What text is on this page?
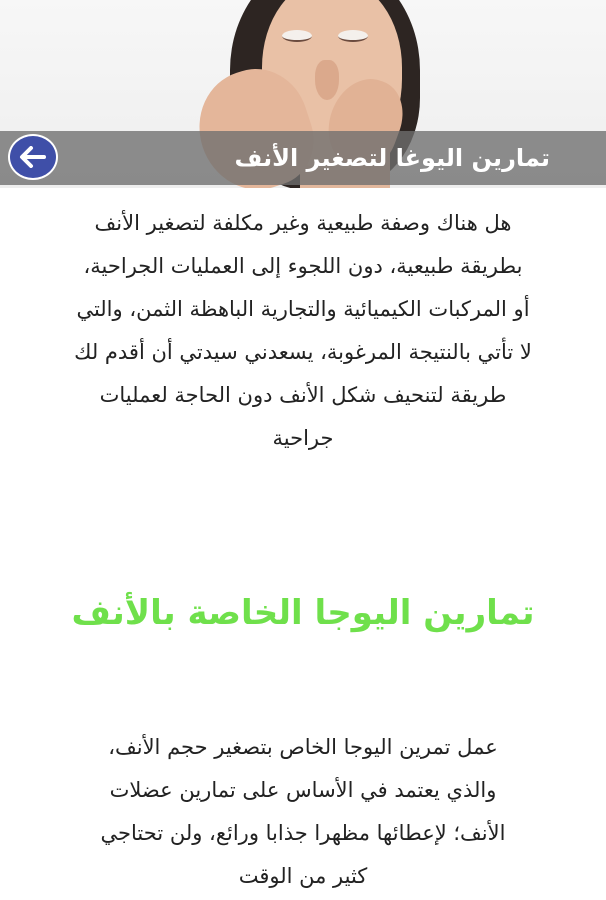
تمارين اليوغا لتصغير الأنف

هل هناك وصفة طبيعية وغير مكلفة لتصغير الأنف بطريقة طبيعية، دون اللجوء إلى العمليات الجراحية، أو المركبات الكيميائية والتجارية الباهظة الثمن، والتي لا تأتي بالنتيجة المرغوبة، يسعدني سيدتي أن أقدم لك طريقة لتنحيف شكل الأنف دون الحاجة لعمليات جراحية

تمارين اليوجا الخاصة بالأنف

عمل تمرين اليوجا الخاص بتصغير حجم الأنف، والذي يعتمد في الأساس على تمارين عضلات الأنف؛ لإعطائها مظهرا جذابا ورائع، ولن تحتاجي كثير من الوقت
